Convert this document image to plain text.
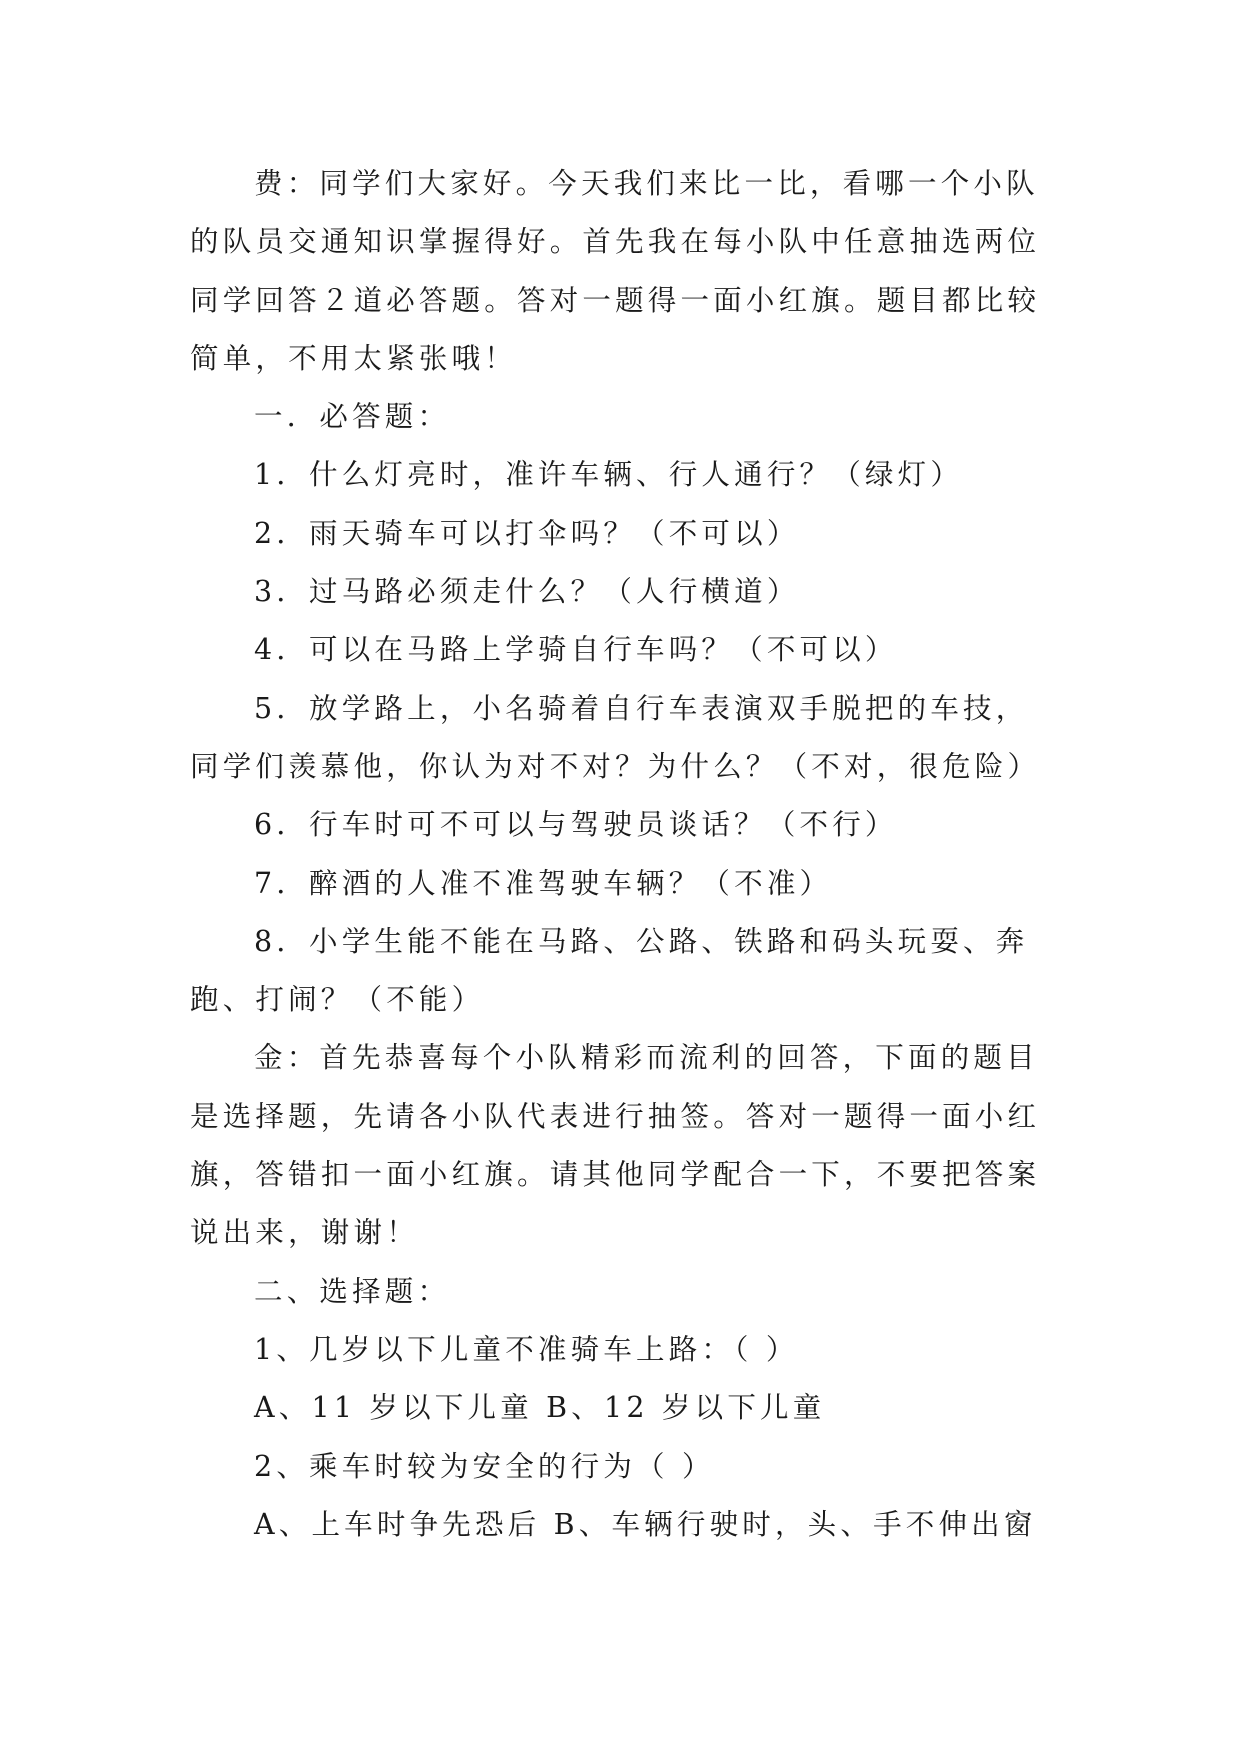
费：同学们大家好。今天我们来比一比，看哪一个小队
的队员交通知识掌握得好。首先我在每小队中任意抽选两位
同学回答２道必答题。答对一题得一面小红旗。题目都比较
简单，不用太紧张哦！
一．必答题：
1．什么灯亮时，准许车辆、行人通行？（绿灯）
2．雨天骑车可以打伞吗？（不可以）
3．过马路必须走什么？（人行横道）
4．可以在马路上学骑自行车吗？（不可以）
5．放学路上，小名骑着自行车表演双手脱把的车技，
同学们羡慕他，你认为对不对？为什么？（不对，很危险）
6．行车时可不可以与驾驶员谈话？（不行）
7．醉酒的人准不准驾驶车辆？（不准）
8．小学生能不能在马路、公路、铁路和码头玩耍、奔
跑、打闹？（不能）
金：首先恭喜每个小队精彩而流利的回答，下面的题目
是选择题，先请各小队代表进行抽签。答对一题得一面小红
旗，答错扣一面小红旗。请其他同学配合一下，不要把答案
说出来，谢谢！
二、选择题：
1、几岁以下儿童不准骑车上路：（ ）
A、11 岁以下儿童 B、12 岁以下儿童
2、乘车时较为安全的行为（ ）
A、上车时争先恐后 B、车辆行驶时，头、手不伸出窗
